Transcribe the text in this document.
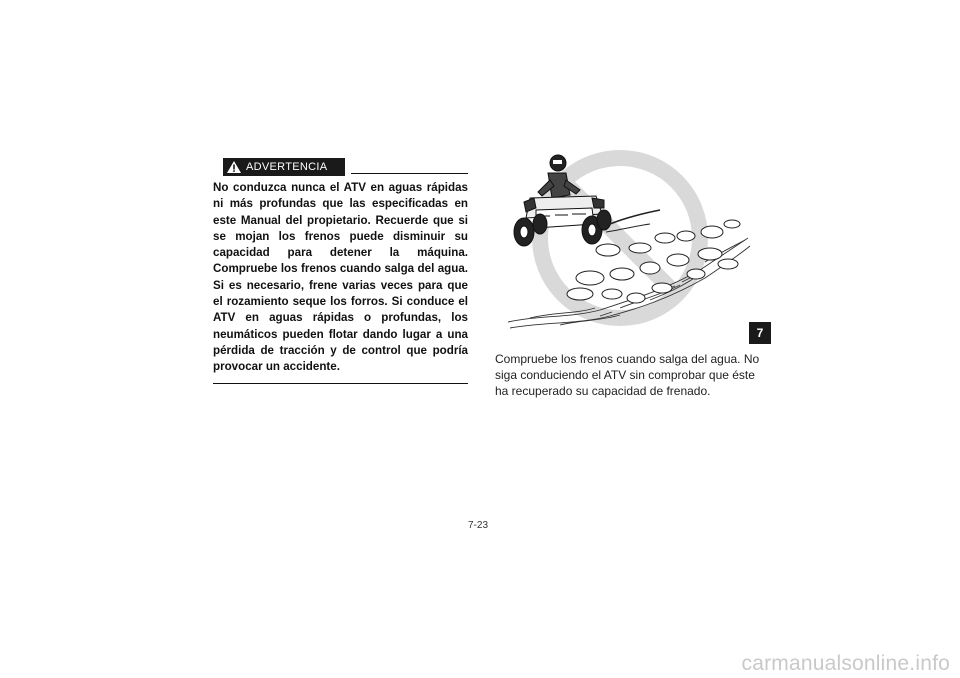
ADVERTENCIA
No conduzca nunca el ATV en aguas rápidas ni más profundas que las especificadas en este Manual del propietario. Recuerde que si se mojan los frenos puede disminuir su capacidad para detener la máquina. Compruebe los frenos cuando salga del agua. Si es necesario, frene varias veces para que el rozamiento seque los forros. Si conduce el ATV en aguas rápidas o profundas, los neumáticos pueden flotar dando lugar a una pérdida de tracción y de control que podría provocar un accidente.
Compruebe los frenos cuando salga del agua. No
siga conduciendo el ATV sin comprobar que éste
ha recuperado su capacidad de frenado.
7
7-23
carmanualsonline.info
